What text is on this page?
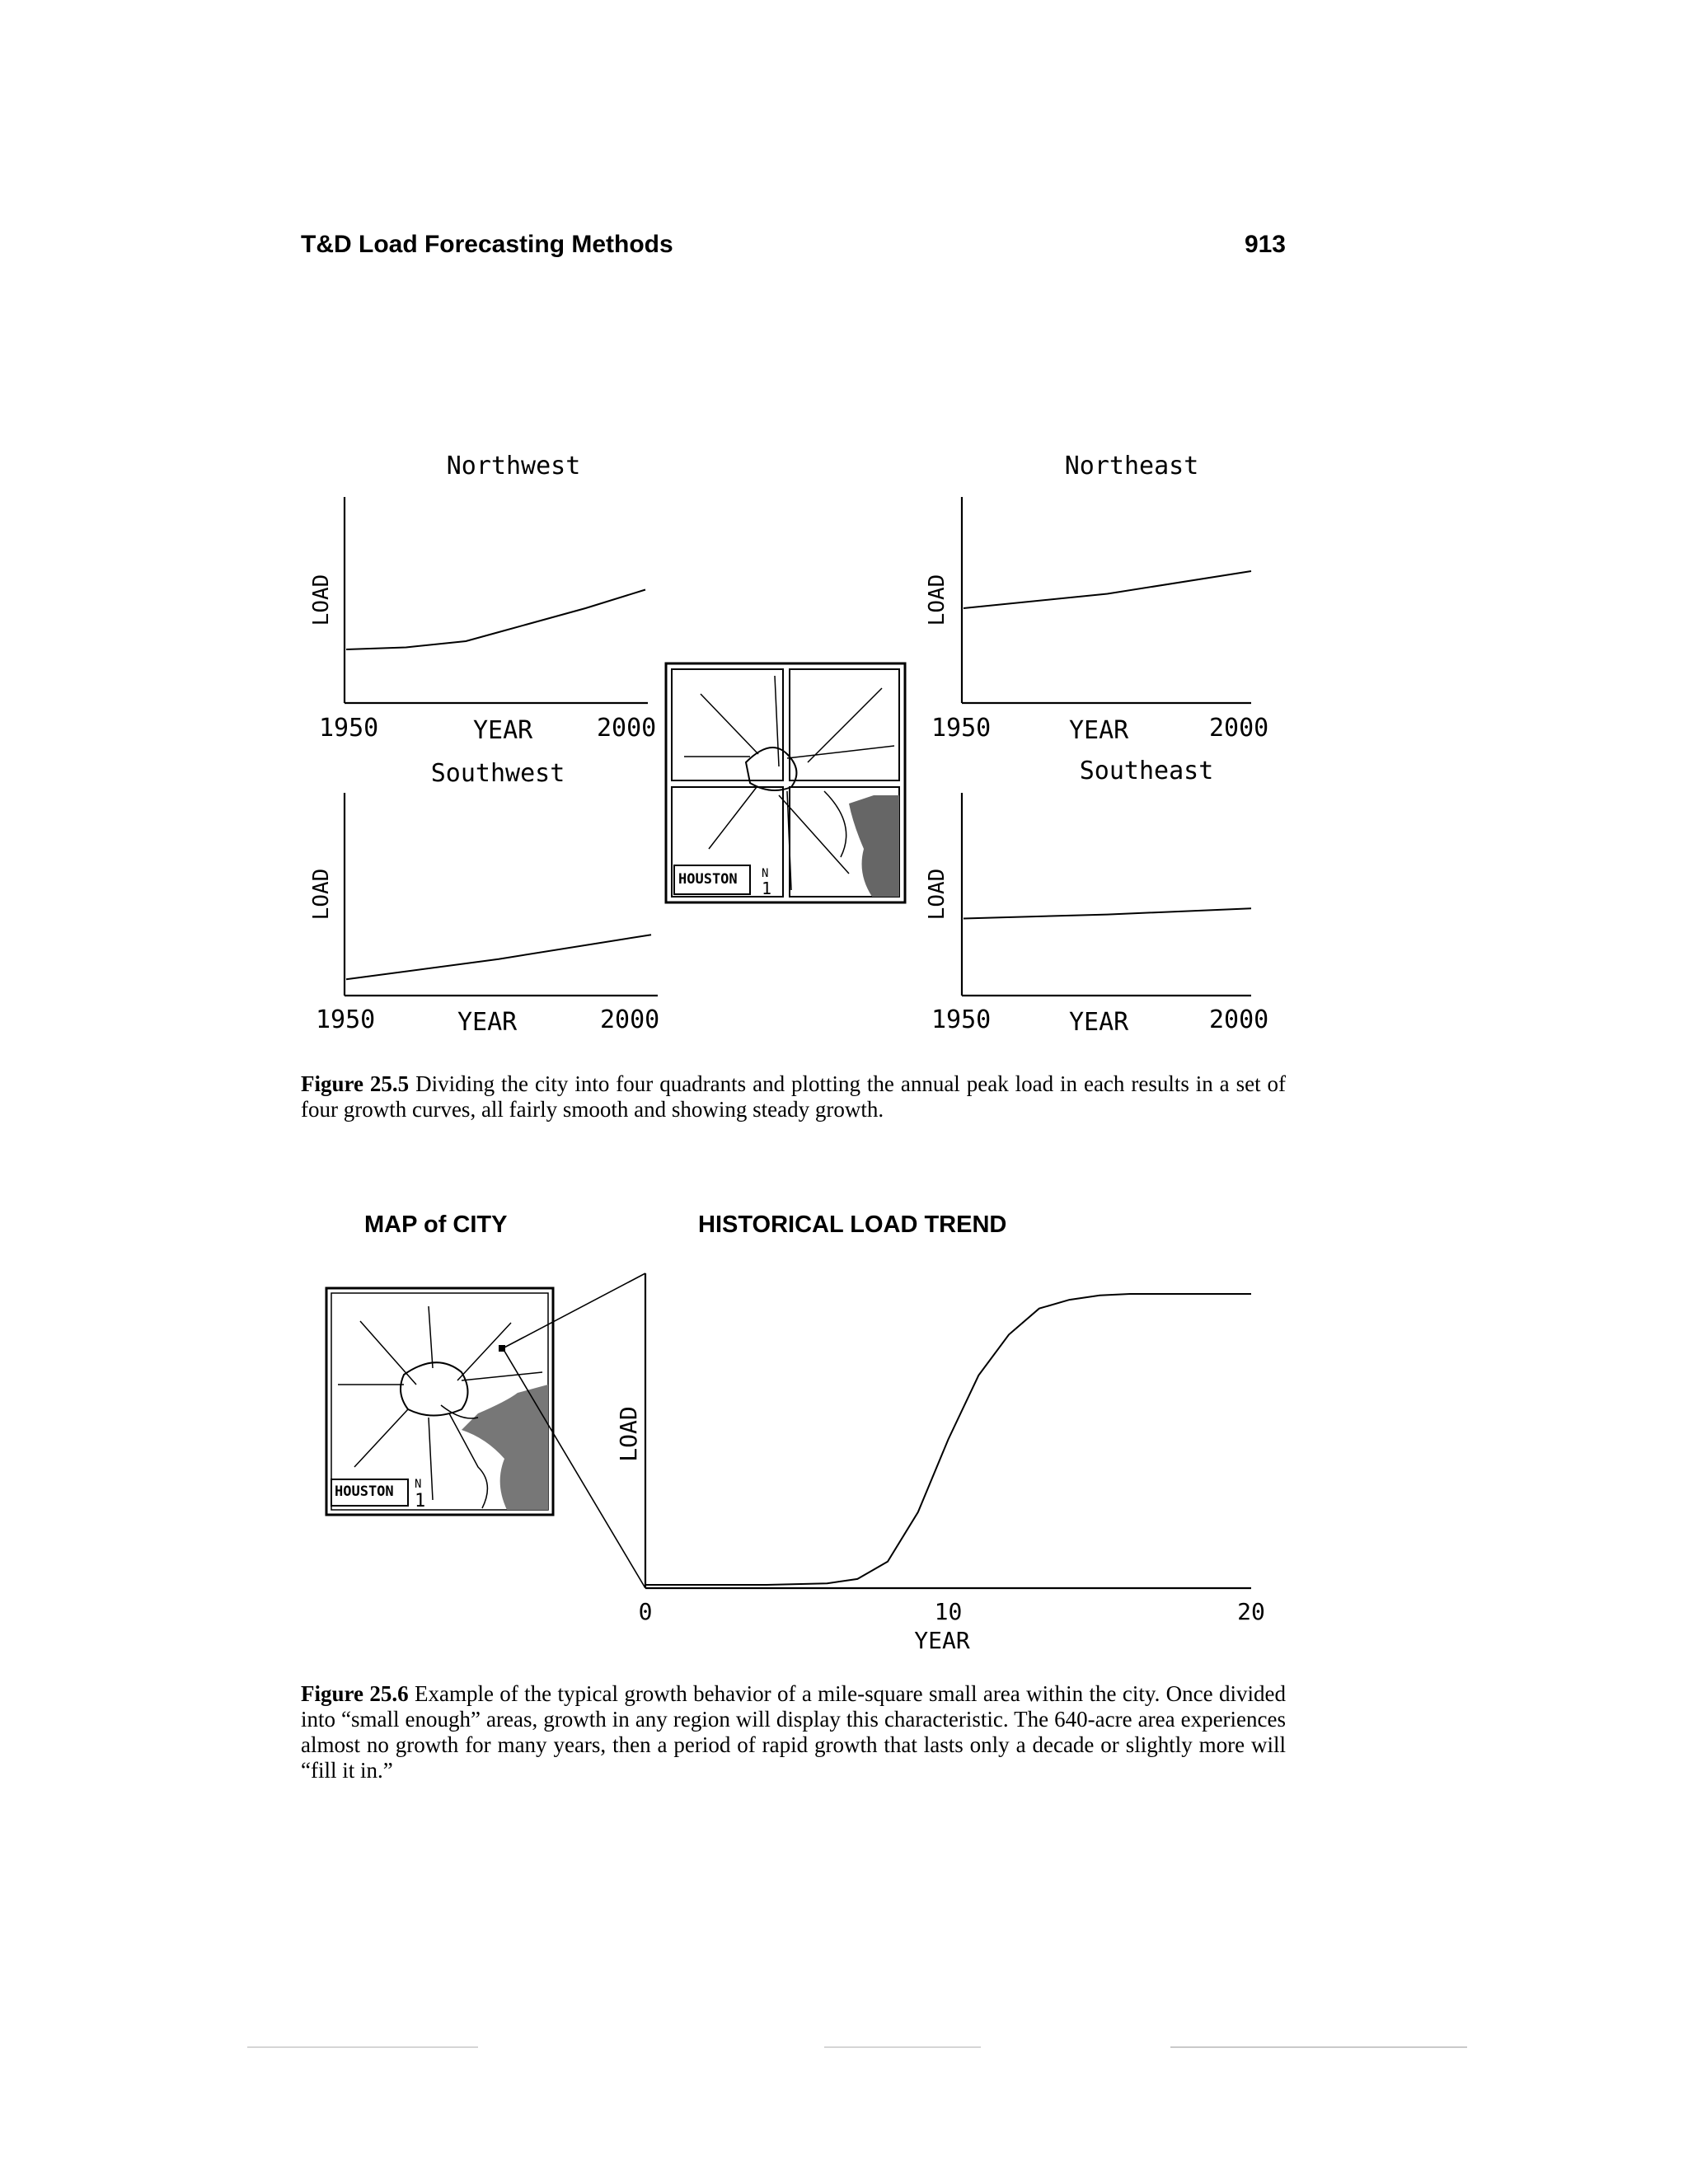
T&D Load Forecasting Methods	913
Northwest
LOAD
1950	YEAR	2000
Northeast
LOAD
1950	YEAR	2000
Southwest
LOAD
1950	YEAR	2000
Southeast
LOAD
1950	YEAR	2000
HOUSTON N
1
HOUSTON N
1
LOAD
0	10	20
YEAR
Figure 25.5 Dividing the city into four quadrants and plotting the annual peak load in each results in a set of four growth curves, all fairly smooth and showing steady growth.
MAP of CITY	HISTORICAL LOAD TREND
Figure 25.6 Example of the typical growth behavior of a mile-square small area within the city. Once divided into “small enough” areas, growth in any region will display this characteristic. The 640-acre area experiences almost no growth for many years, then a period of rapid growth that lasts only a decade or slightly more will “fill it in.”
